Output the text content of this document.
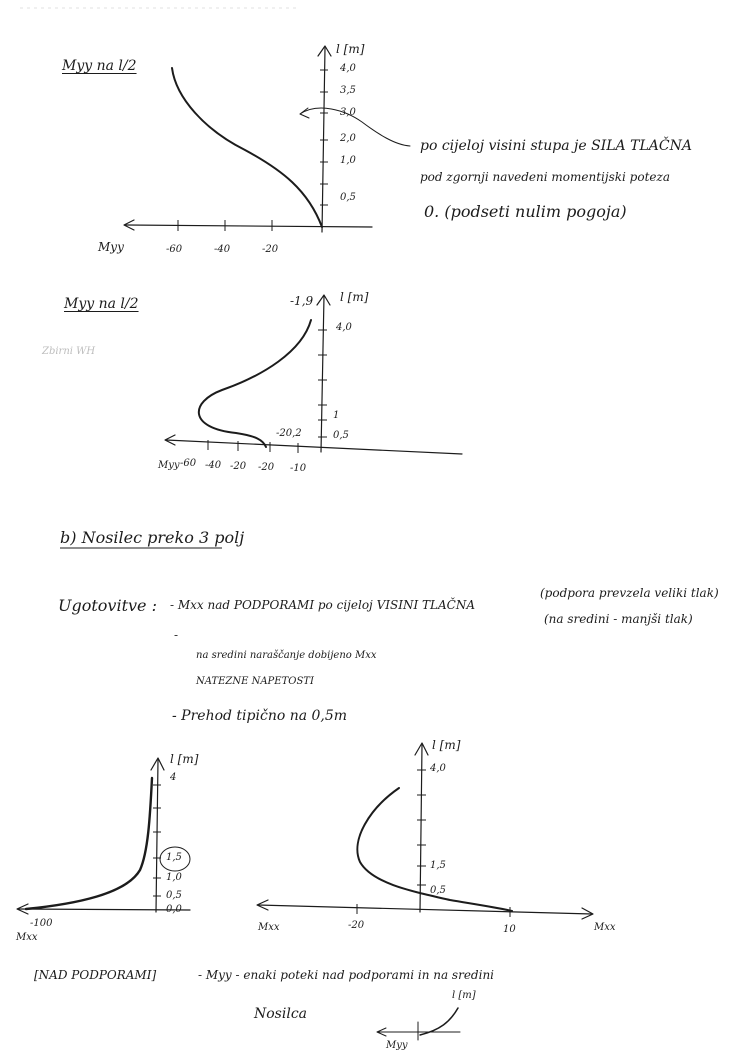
Myy na l/2
l [m]
Myy	-60	-40	-20
4,0
3,5
3,0
2,0
1,0
0,5
po cijeloj visini stupa je SILA TLAČNA
pod zgornji navedeni momentijski poteza
0. (podseti nulim pogoja)
Myy na l/2
Zbirni WH
l [m]
-1,9
4,0
1
0,5
-20,2
Myy -60 -40 -20 -20 -10
b) Nosilec preko 3 polj
Ugotovitve : - Mxx nad PODPORAMI po cijeloj VISINI TLAČNA
(podpora prevzela veliki tlak)
(na sredini - manjši tlak)
-
na sredini naraščanje dobijeno Mxx
NATEZNE NAPETOSTI
- Prehod tipično na 0,5m
l [m]
4
1,5
1,0
0,5
0,0
-100
Mxx
l [m]
4,0
1,5
0,5
Mxx	-20	10	Mxx
[NAD PODPORAMI]	- Myy - enaki poteki nad podporami in na sredini
Nosilca
l [m]
Myy
